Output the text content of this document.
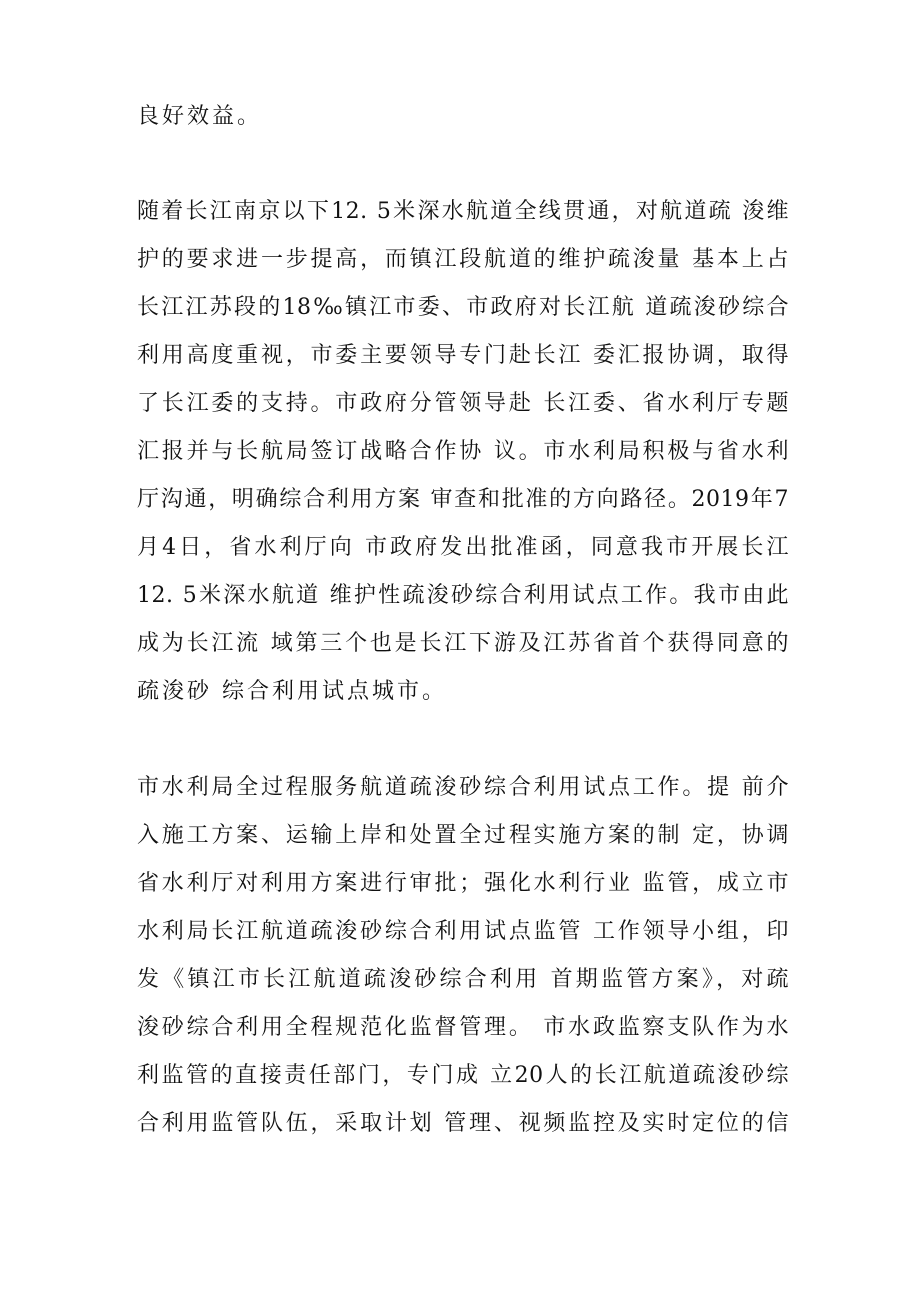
良好效益。
随着长江南京以下12. 5米深水航道全线贯通，对航道疏 浚维
护的要求进一步提高，而镇江段航道的维护疏浚量 基本上占
长江江苏段的18‰镇江市委、市政府对长江航 道疏浚砂综合
利用高度重视，市委主要领导专门赴长江 委汇报协调，取得
了长江委的支持。市政府分管领导赴 长江委、省水利厅专题
汇报并与长航局签订战略合作协 议。市水利局积极与省水利
厅沟通，明确综合利用方案 审查和批准的方向路径。2019年7
月4日，省水利厅向 市政府发出批准函，同意我市开展长江
12. 5米深水航道 维护性疏浚砂综合利用试点工作。我市由此
成为长江流 域第三个也是长江下游及江苏省首个获得同意的
疏浚砂 综合利用试点城市。
市水利局全过程服务航道疏浚砂综合利用试点工作。提 前介
入施工方案、运输上岸和处置全过程实施方案的制 定，协调
省水利厅对利用方案进行审批；强化水利行业 监管，成立市
水利局长江航道疏浚砂综合利用试点监管 工作领导小组，印
发《镇江市长江航道疏浚砂综合利用 首期监管方案》，对疏
浚砂综合利用全程规范化监督管理。 市水政监察支队作为水
利监管的直接责任部门，专门成 立20人的长江航道疏浚砂综
合利用监管队伍，采取计划 管理、视频监控及实时定位的信
